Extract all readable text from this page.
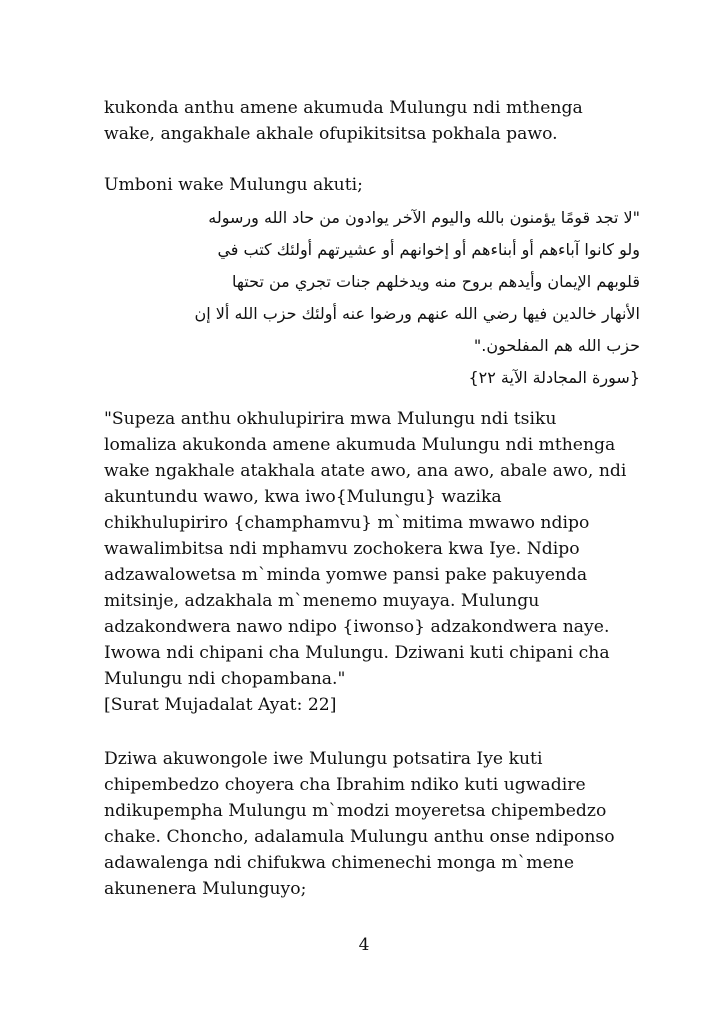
kukonda anthu amene akumuda Mulungu ndi mthenga
wake, angakhale akhale ofupikitsitsa pokhala pawo.

Umboni wake Mulungu akuti;

"لا تجد قومًا يؤمنون بالله واليوم الآخر يوادون من حاد الله ورسوله
ولو كانوا آباءهم أو أبناءهم أو إخوانهم أو عشيرتهم أولئك كتب في
قلوبهم الإيمان وأيدهم بروح منه ويدخلهم جنات تجري من تحتها
الأنهار خالدين فيها رضي الله عنهم ورضوا عنه أولئك حزب الله ألا إن
حزب الله هم المفلحون."
{سورة المجادلة الآية ٢٢}

"Supeza anthu okhulupirira mwa Mulungu ndi tsiku
lomaliza akukonda amene akumuda Mulungu ndi mthenga
wake ngakhale atakhala atate awo, ana awo, abale awo, ndi
akuntundu wawo, kwa iwo{Mulungu} wazika
chikhulupiriro {champhamvu} m`mitima mwawo ndipo
wawalimbitsa ndi mphamvu zochokera kwa Iye. Ndipo
adzawalowetsa m`minda yomwe pansi pake pakuyenda
mitsinje, adzakhala m`menemo muyaya. Mulungu
adzakondwera nawo ndipo {iwonso} adzakondwera naye.
Iwowa ndi chipani cha Mulungu. Dziwani kuti chipani cha
Mulungu ndi chopambana."
[Surat Mujadalat Ayat: 22]

Dziwa akuwongole iwe Mulungu potsatira Iye kuti
chipembedzo choyera cha Ibrahim ndiko kuti ugwadire
ndikupempha Mulungu m`modzi moyeretsa chipembedzo
chake. Choncho, adalamula Mulungu anthu onse ndiponso
adawalenga ndi chifukwa chimenechi monga m`mene
akunenera Mulunguyo;

4
